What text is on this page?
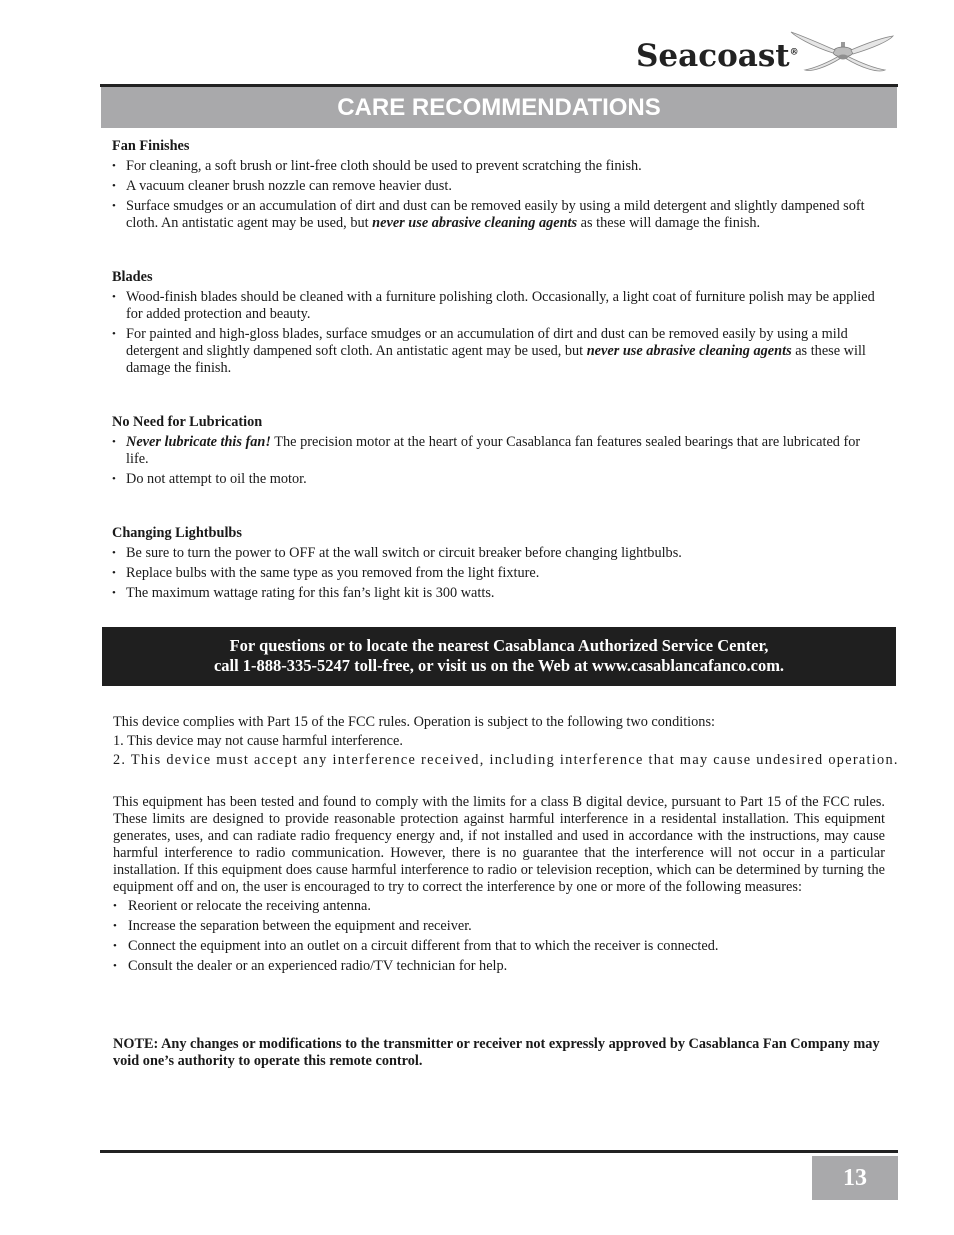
Seacoast®
CARE RECOMMENDATIONS
Fan Finishes
• For cleaning, a soft brush or lint-free cloth should be used to prevent scratching the finish.
• A vacuum cleaner brush nozzle can remove heavier dust.
• Surface smudges or an accumulation of dirt and dust can be removed easily by using a mild detergent and slightly dampened soft cloth. An antistatic agent may be used, but never use abrasive cleaning agents as these will damage the finish.
Blades
• Wood-finish blades should be cleaned with a furniture polishing cloth. Occasionally, a light coat of furniture polish may be applied for added protection and beauty.
• For painted and high-gloss blades, surface smudges or an accumulation of dirt and dust can be removed easily by using a mild detergent and slightly dampened soft cloth. An antistatic agent may be used, but never use abrasive cleaning agents as these will damage the finish.
No Need for Lubrication
• Never lubricate this fan! The precision motor at the heart of your Casablanca fan features sealed bearings that are lubricated for life.
• Do not attempt to oil the motor.
Changing Lightbulbs
• Be sure to turn the power to OFF at the wall switch or circuit breaker before changing lightbulbs.
• Replace bulbs with the same type as you removed from the light fixture.
• The maximum wattage rating for this fan’s light kit is 300 watts.
For questions or to locate the nearest Casablanca Authorized Service Center,
call 1-888-335-5247 toll-free, or visit us on the Web at www.casablancafanco.com.

This device complies with Part 15 of the FCC rules. Operation is subject to the following two conditions:

1. This device may not cause harmful interference.

2. This device must accept any interference received, including interference that may cause undesired operation.

This equipment has been tested and found to comply with the limits for a class B digital device, pursuant to Part 15 of the FCC rules. These limits are designed to provide reasonable protection against harmful interference in a residental installation. This equipment generates, uses, and can radiate radio frequency energy and, if not installed and used in accordance with the instructions, may cause harmful interference to radio communication. However, there is no guarantee that the interference will not occur in a particular installation. If this equipment does cause harmful interference to radio or television reception, which can be determined by turning the equipment off and on, the user is encouraged to try to correct the interference by one or more of the following measures:

• Reorient or relocate the receiving antenna.
• Increase the separation between the equipment and receiver.
• Connect the equipment into an outlet on a circuit different from that to which the receiver is connected.
• Consult the dealer or an experienced radio/TV technician for help.
NOTE: Any changes or modifications to the transmitter or receiver not expressly approved by Casablanca Fan Company may void one’s authority to operate this remote control.
13
